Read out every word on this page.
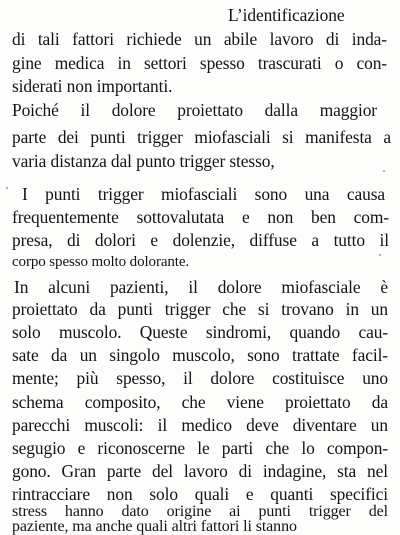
L’identificazione
di tali fattori richiede un abile lavoro di inda-
gine medica in settori spesso trascurati o con-
siderati non importanti.
Poiché il dolore proiettato dalla maggior
parte dei punti trigger miofasciali si manifesta a
varia distanza dal punto trigger stesso,
I punti trigger miofasciali sono una causa
frequentemente sottovalutata e non ben com-
presa, di dolori e dolenzie, diffuse a tutto il
corpo spesso molto dolorante.
In alcuni pazienti, il dolore miofasciale è
proiettato da punti trigger che si trovano in un
solo muscolo. Queste sindromi, quando cau-
sate da un singolo muscolo, sono trattate facil-
mente; più spesso, il dolore costituisce uno
schema composito, che viene proiettato da
parecchi muscoli: il medico deve diventare un
segugio e riconoscerne le parti che lo compon-
gono. Gran parte del lavoro di indagine, sta nel
rintracciare non solo quali e quanti specifici
stress hanno dato origine ai punti trigger del
paziente, ma anche quali altri fattori li stanno
